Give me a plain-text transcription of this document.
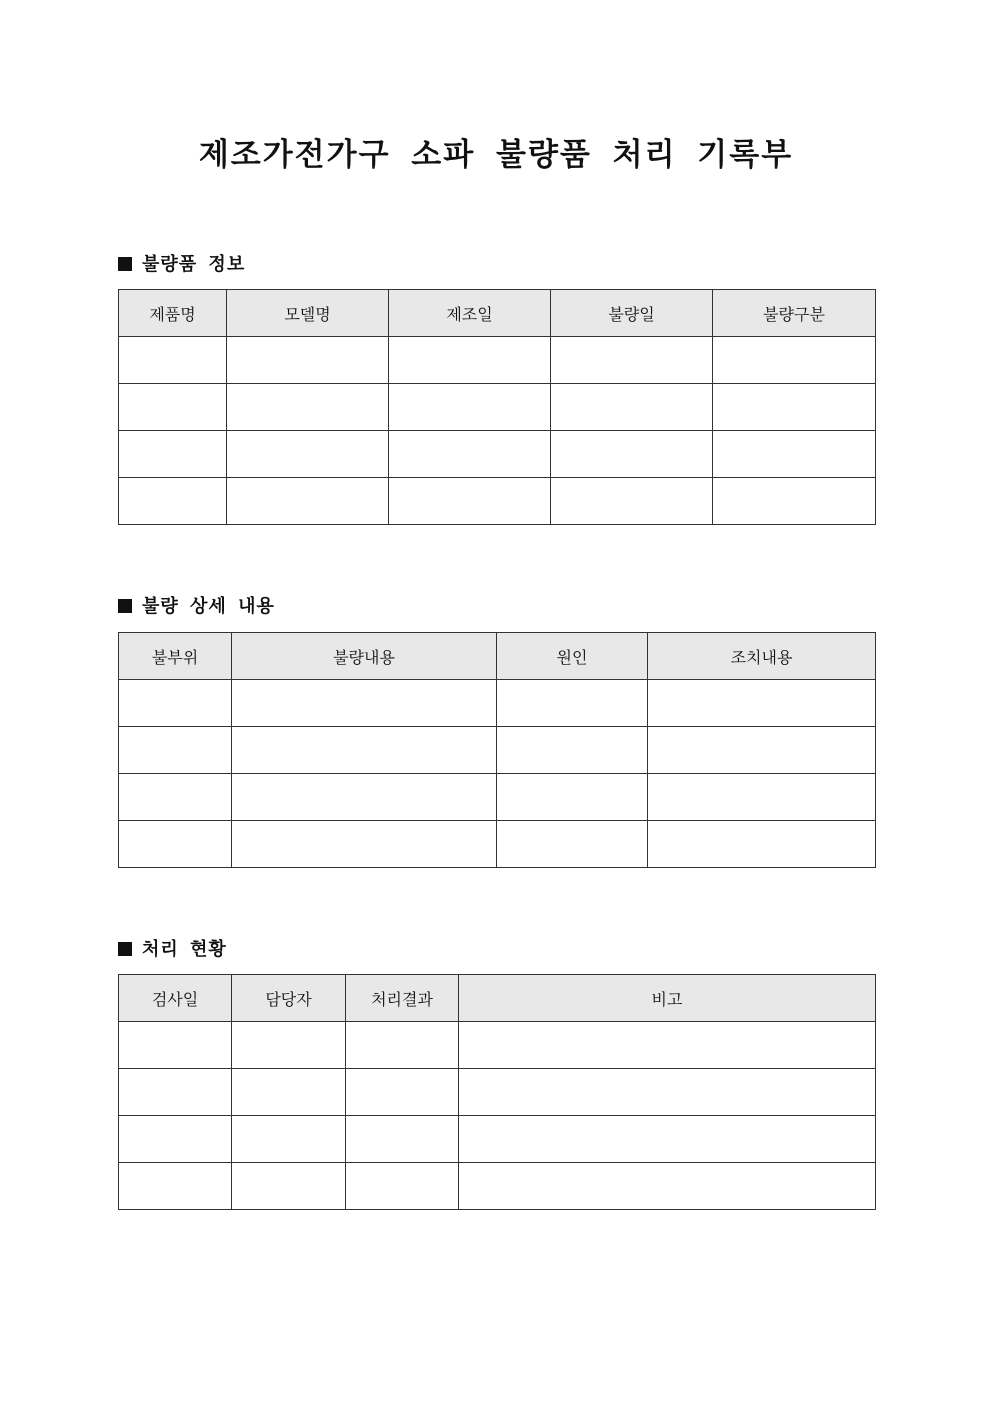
제조가전가구 소파 불량품 처리 기록부
불량품 정보
제품명	모델명	제조일	불량일	불량구분

불량 상세 내용
불부위	불량내용	원인	조치내용

처리 현황
검사일	담당자	처리결과	비고
